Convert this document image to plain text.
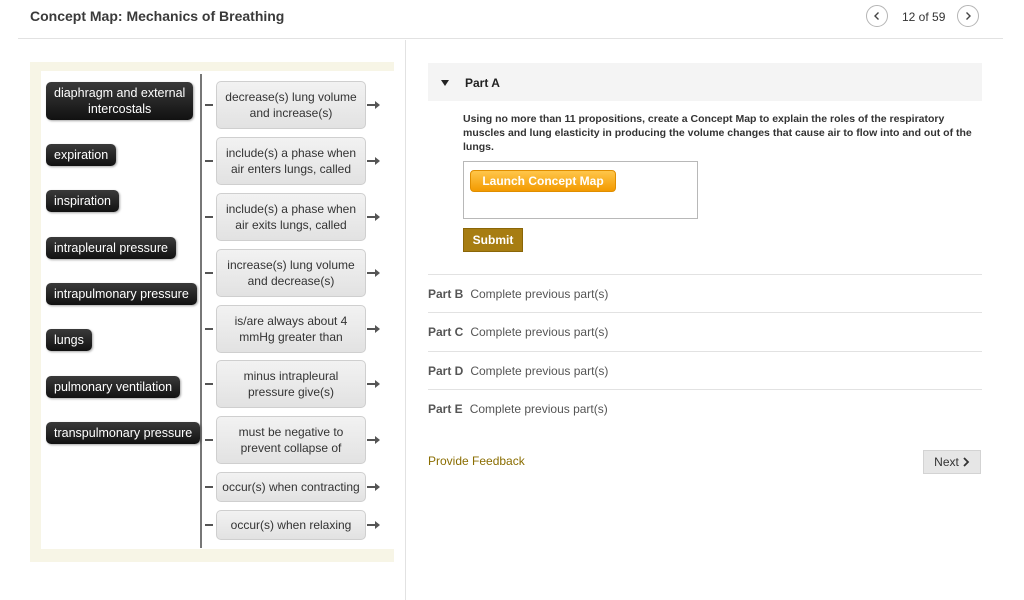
Concept Map: Mechanics of Breathing	12 of 59
diaphragm and external
intercostals
expiration
inspiration
intrapleural pressure
intrapulmonary pressure
lungs
pulmonary ventilation
transpulmonary pressure
decrease(s) lung volume
and increase(s)
include(s) a phase when
air enters lungs, called
include(s) a phase when
air exits lungs, called
increase(s) lung volume
and decrease(s)
is/are always about 4
mmHg greater than
minus intrapleural
pressure give(s)
must be negative to
prevent collapse of
occur(s) when contracting
occur(s) when relaxing
Part A
Using no more than 11 propositions, create a Concept Map to explain the roles of the respiratory muscles and lung elasticity in producing the volume changes that cause air to flow into and out of the lungs.
Launch Concept Map
Submit
Part B Complete previous part(s)
Part C Complete previous part(s)
Part D Complete previous part(s)
Part E Complete previous part(s)
Provide Feedback	Next
